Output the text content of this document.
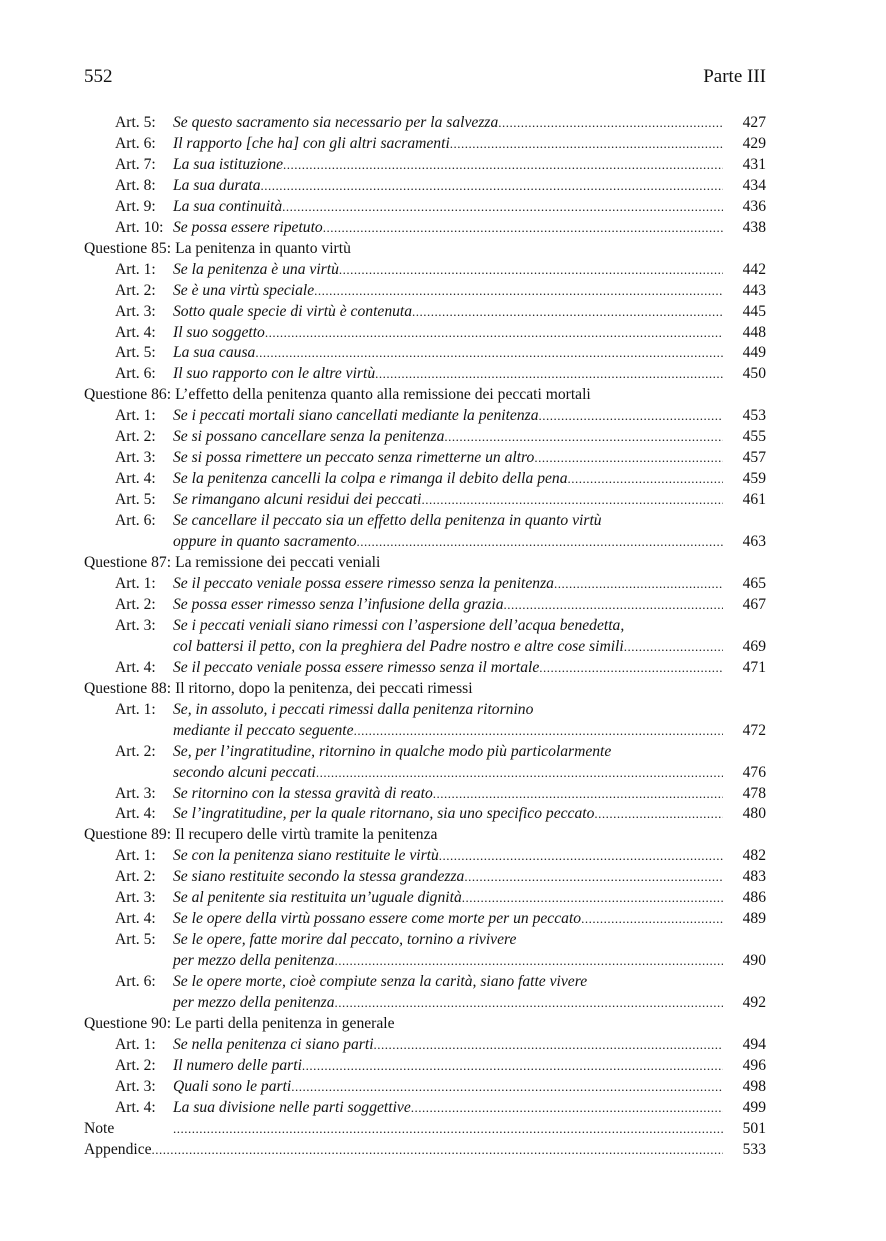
552	Parte III
Art. 5:	Se questo sacramento sia necessario per la salvezza .....	427
Art. 6:	Il rapporto [che ha] con gli altri sacramenti .....	429
Art. 7:	La sua istituzione .....	431
Art. 8:	La sua durata .....	434
Art. 9:	La sua continuità .....	436
Art. 10: Se possa essere ripetuto .....	438
Questione 85: La penitenza in quanto virtù
Art. 1:	Se la penitenza è una virtù .....	442
Art. 2:	Se è una virtù speciale .....	443
Art. 3:	Sotto quale specie di virtù è contenuta .....	445
Art. 4:	Il suo soggetto .....	448
Art. 5:	La sua causa .....	449
Art. 6:	Il suo rapporto con le altre virtù .....	450
Questione 86: L’effetto della penitenza quanto alla remissione dei peccati mortali
Art. 1:	Se i peccati mortali siano cancellati mediante la penitenza .....	453
Art. 2:	Se si possano cancellare senza la penitenza .....	455
Art. 3:	Se si possa rimettere un peccato senza rimetterne un altro .....	457
Art. 4:	Se la penitenza cancelli la colpa e rimanga il debito della pena .....	459
Art. 5:	Se rimangano alcuni residui dei peccati .....	461
Art. 6:	Se cancellare il peccato sia un effetto della penitenza in quanto virtù
oppure in quanto sacramento .....	463
Questione 87: La remissione dei peccati veniali
Art. 1:	Se il peccato veniale possa essere rimesso senza la penitenza .....	465
Art. 2:	Se possa esser rimesso senza l’infusione della grazia .....	467
Art. 3:	Se i peccati veniali siano rimessi con l’aspersione dell’acqua benedetta,
col battersi il petto, con la preghiera del Padre nostro e altre cose simili .....	469
Art. 4:	Se il peccato veniale possa essere rimesso senza il mortale .....	471
Questione 88: Il ritorno, dopo la penitenza, dei peccati rimessi
Art. 1:	Se, in assoluto, i peccati rimessi dalla penitenza ritornino
mediante il peccato seguente .....	472
Art. 2:	Se, per l’ingratitudine, ritornino in qualche modo più particolarmente
secondo alcuni peccati .....	476
Art. 3:	Se ritornino con la stessa gravità di reato .....	478
Art. 4:	Se l’ingratitudine, per la quale ritornano, sia uno specifico peccato .....	480
Questione 89: Il recupero delle virtù tramite la penitenza
Art. 1:	Se con la penitenza siano restituite le virtù .....	482
Art. 2:	Se siano restituite secondo la stessa grandezza .....	483
Art. 3:	Se al penitente sia restituita un’uguale dignità .....	486
Art. 4:	Se le opere della virtù possano essere come morte per un peccato .....	489
Art. 5:	Se le opere, fatte morire dal peccato, tornino a rivivere
per mezzo della penitenza .....	490
Art. 6:	Se le opere morte, cioè compiute senza la carità, siano fatte vivere
per mezzo della penitenza .....	492
Questione 90: Le parti della penitenza in generale
Art. 1:	Se nella penitenza ci siano parti .....	494
Art. 2:	Il numero delle parti .....	496
Art. 3:	Quali sono le parti .....	498
Art. 4:	La sua divisione nelle parti soggettive .....	499
Note .....	501
Appendice .....	533
